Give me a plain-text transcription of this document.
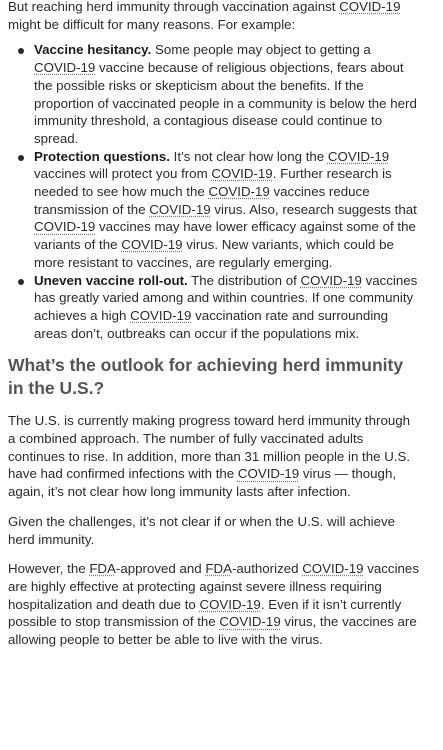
But reaching herd immunity through vaccination against COVID-19 might be difficult for many reasons. For example:

Vaccine hesitancy. Some people may object to getting a COVID-19 vaccine because of religious objections, fears about the possible risks or skepticism about the benefits. If the proportion of vaccinated people in a community is below the herd immunity threshold, a contagious disease could continue to spread.
Protection questions. It’s not clear how long the COVID-19 vaccines will protect you from COVID-19. Further research is needed to see how much the COVID-19 vaccines reduce transmission of the COVID-19 virus. Also, research suggests that COVID-19 vaccines may have lower efficacy against some of the variants of the COVID-19 virus. New variants, which could be more resistant to vaccines, are regularly emerging.
Uneven vaccine roll-out. The distribution of COVID-19 vaccines has greatly varied among and within countries. If one community achieves a high COVID-19 vaccination rate and surrounding areas don’t, outbreaks can occur if the populations mix.
What’s the outlook for achieving herd immunity in the U.S.?

The U.S. is currently making progress toward herd immunity through a combined approach. The number of fully vaccinated adults continues to rise. In addition, more than 31 million people in the U.S. have had confirmed infections with the COVID-19 virus — though, again, it’s not clear how long immunity lasts after infection.

Given the challenges, it’s not clear if or when the U.S. will achieve herd immunity.

However, the FDA-approved and FDA-authorized COVID-19 vaccines are highly effective at protecting against severe illness requiring hospitalization and death due to COVID-19. Even if it isn’t currently possible to stop transmission of the COVID-19 virus, the vaccines are allowing people to better be able to live with the virus.
